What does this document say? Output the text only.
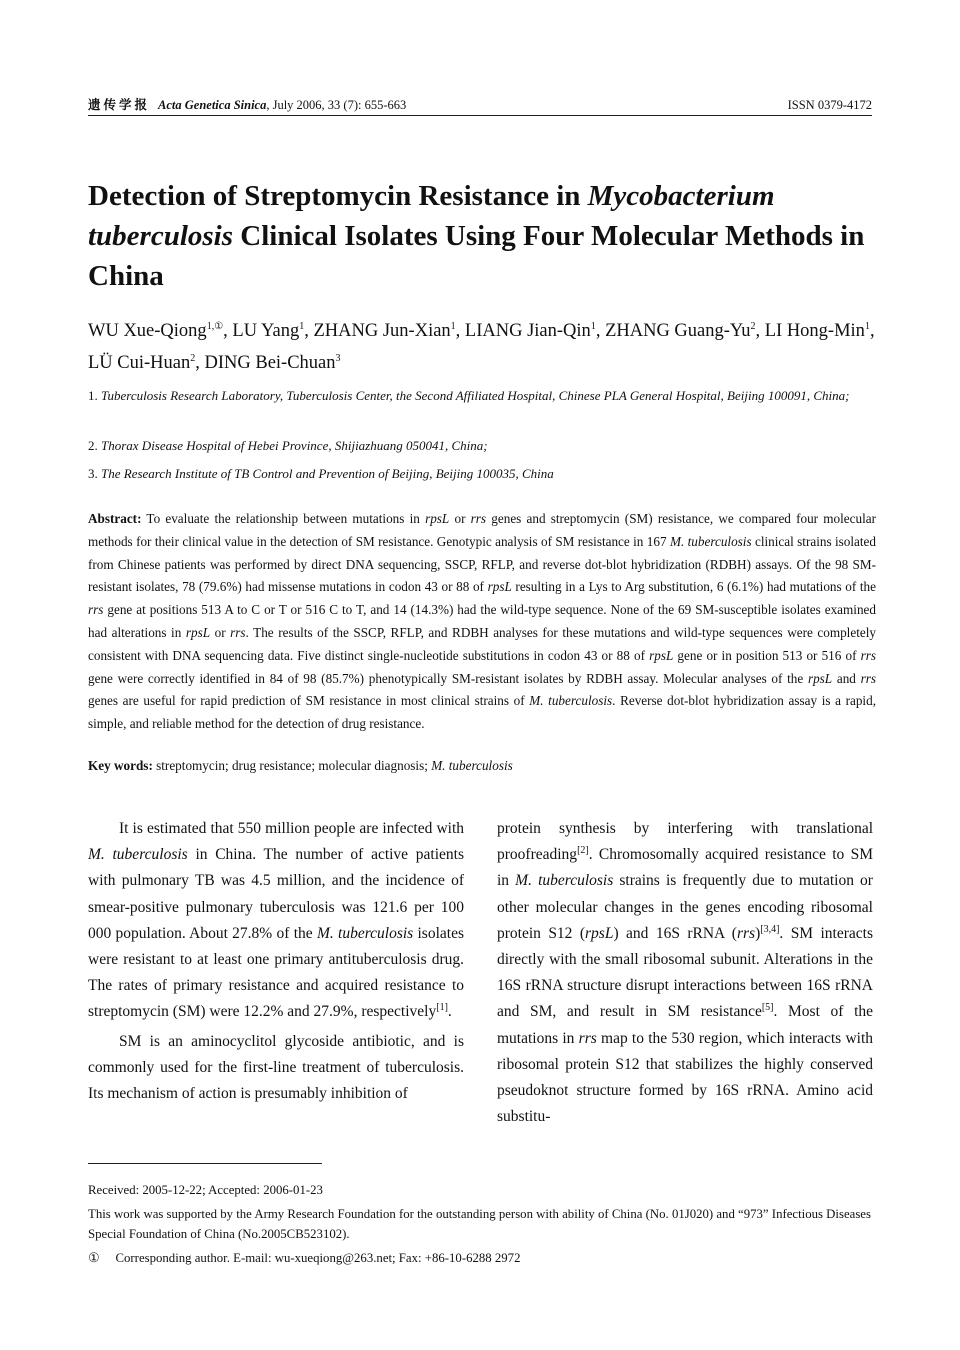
遗传学报 Acta Genetica Sinica, July 2006, 33 (7): 655-663	ISSN 0379-4172
Detection of Streptomycin Resistance in Mycobacterium tuberculosis Clinical Isolates Using Four Molecular Methods in China
WU Xue-Qiong$^{1,①}$, LU Yang$^1$, ZHANG Jun-Xian$^1$, LIANG Jian-Qin$^1$, ZHANG Guang-Yu$^2$, LI Hong-Min$^1$, LÜ Cui-Huan$^2$, DING Bei-Chuan$^3$
1. Tuberculosis Research Laboratory, Tuberculosis Center, the Second Affiliated Hospital, Chinese PLA General Hospital, Beijing 100091, China;
2. Thorax Disease Hospital of Hebei Province, Shijiazhuang 050041, China;
3. The Research Institute of TB Control and Prevention of Beijing, Beijing 100035, China
Abstract: To evaluate the relationship between mutations in rpsL or rrs genes and streptomycin (SM) resistance, we compared four molecular methods for their clinical value in the detection of SM resistance. Genotypic analysis of SM resistance in 167 M. tuberculosis clinical strains isolated from Chinese patients was performed by direct DNA sequencing, SSCP, RFLP, and reverse dot-blot hybridization (RDBH) assays. Of the 98 SM-resistant isolates, 78 (79.6%) had missense mutations in codon 43 or 88 of rpsL resulting in a Lys to Arg substitution, 6 (6.1%) had mutations of the rrs gene at positions 513 A to C or T or 516 C to T, and 14 (14.3%) had the wild-type sequence. None of the 69 SM-susceptible isolates examined had alterations in rpsL or rrs. The results of the SSCP, RFLP, and RDBH analyses for these mutations and wild-type sequences were completely consistent with DNA sequencing data. Five distinct single-nucleotide substitutions in codon 43 or 88 of rpsL gene or in position 513 or 516 of rrs gene were correctly identified in 84 of 98 (85.7%) phenotypically SM-resistant isolates by RDBH assay. Molecular analyses of the rpsL and rrs genes are useful for rapid prediction of SM resistance in most clinical strains of M. tuberculosis. Reverse dot-blot hybridization assay is a rapid, simple, and reliable method for the detection of drug resistance.
Key words: streptomycin; drug resistance; molecular diagnosis; M. tuberculosis

It is estimated that 550 million people are infected with M. tuberculosis in China. The number of active patients with pulmonary TB was 4.5 million, and the incidence of smear-positive pulmonary tuberculosis was 121.6 per 100 000 population. About 27.8% of the M. tuberculosis isolates were resistant to at least one primary antituberculosis drug. The rates of primary resistance and acquired resistance to streptomycin (SM) were 12.2% and 27.9%, respectively[1].

SM is an aminocyclitol glycoside antibiotic, and is commonly used for the first-line treatment of tuberculosis. Its mechanism of action is presumably inhibition of

protein synthesis by interfering with translational proofreading[2]. Chromosomally acquired resistance to SM in M. tuberculosis strains is frequently due to mutation or other molecular changes in the genes encoding ribosomal protein S12 (rpsL) and 16S rRNA (rrs)[3,4]. SM interacts directly with the small ribosomal subunit. Alterations in the 16S rRNA structure disrupt interactions between 16S rRNA and SM, and result in SM resistance[5]. Most of the mutations in rrs map to the 530 region, which interacts with ribosomal protein S12 that stabilizes the highly conserved pseudoknot structure formed by 16S rRNA. Amino acid substitu-

Received: 2005-12-22; Accepted: 2006-01-23
This work was supported by the Army Research Foundation for the outstanding person with ability of China (No. 01J020) and “973” Infectious Diseases Special Foundation of China (No.2005CB523102).
① Corresponding author. E-mail: wu-xueqiong@263.net; Fax: +86-10-6288 2972
